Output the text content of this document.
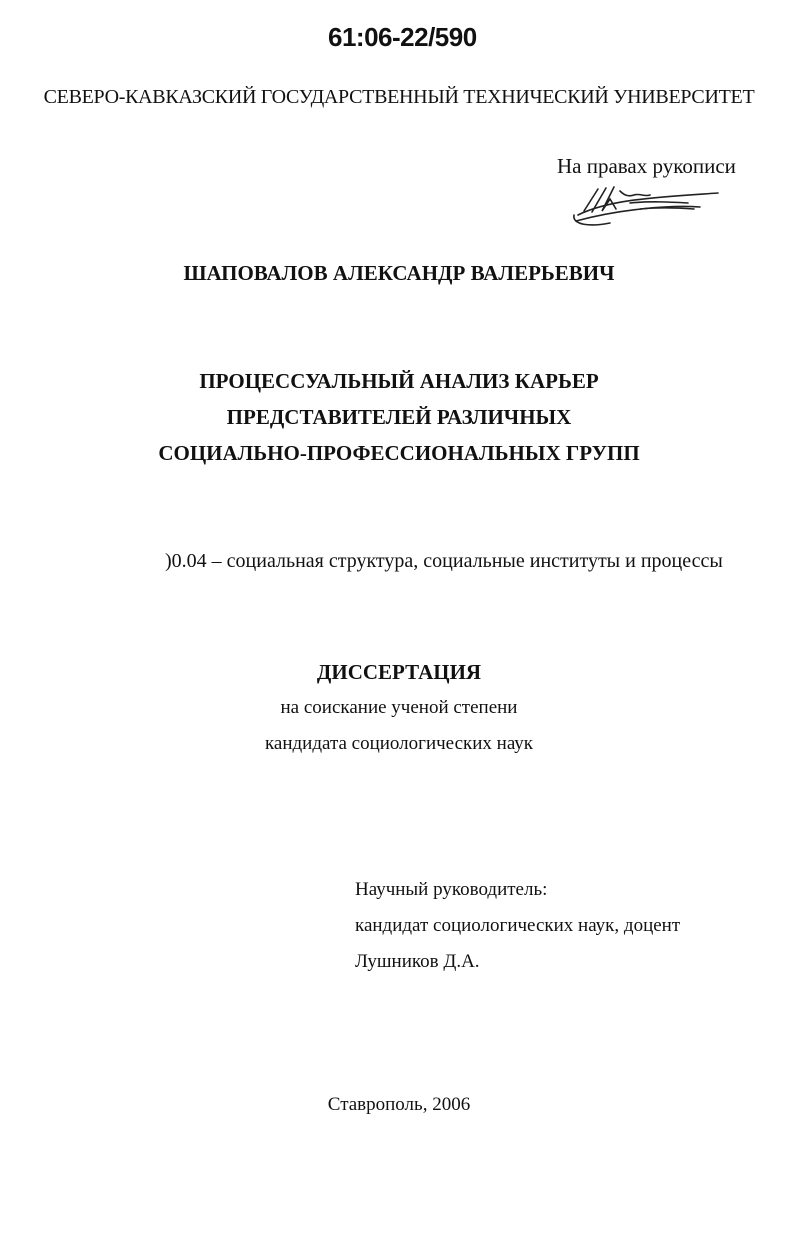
61:06-22/590
СЕВЕРО-КАВКАЗСКИЙ ГОСУДАРСТВЕННЫЙ ТЕХНИЧЕСКИЙ УНИВЕРСИТЕТ
На правах рукописи
ШАПОВАЛОВ АЛЕКСАНДР ВАЛЕРЬЕВИЧ
ПРОЦЕССУАЛЬНЫЙ АНАЛИЗ КАРЬЕР
ПРЕДСТАВИТЕЛЕЙ РАЗЛИЧНЫХ
СОЦИАЛЬНО-ПРОФЕССИОНАЛЬНЫХ ГРУПП
)0.04 – социальная структура, социальные институты и процессы
ДИССЕРТАЦИЯ
на соискание ученой степени
кандидата социологических наук
Научный руководитель:
кандидат социологических наук, доцент
Лушников Д.А.
Ставрополь, 2006
